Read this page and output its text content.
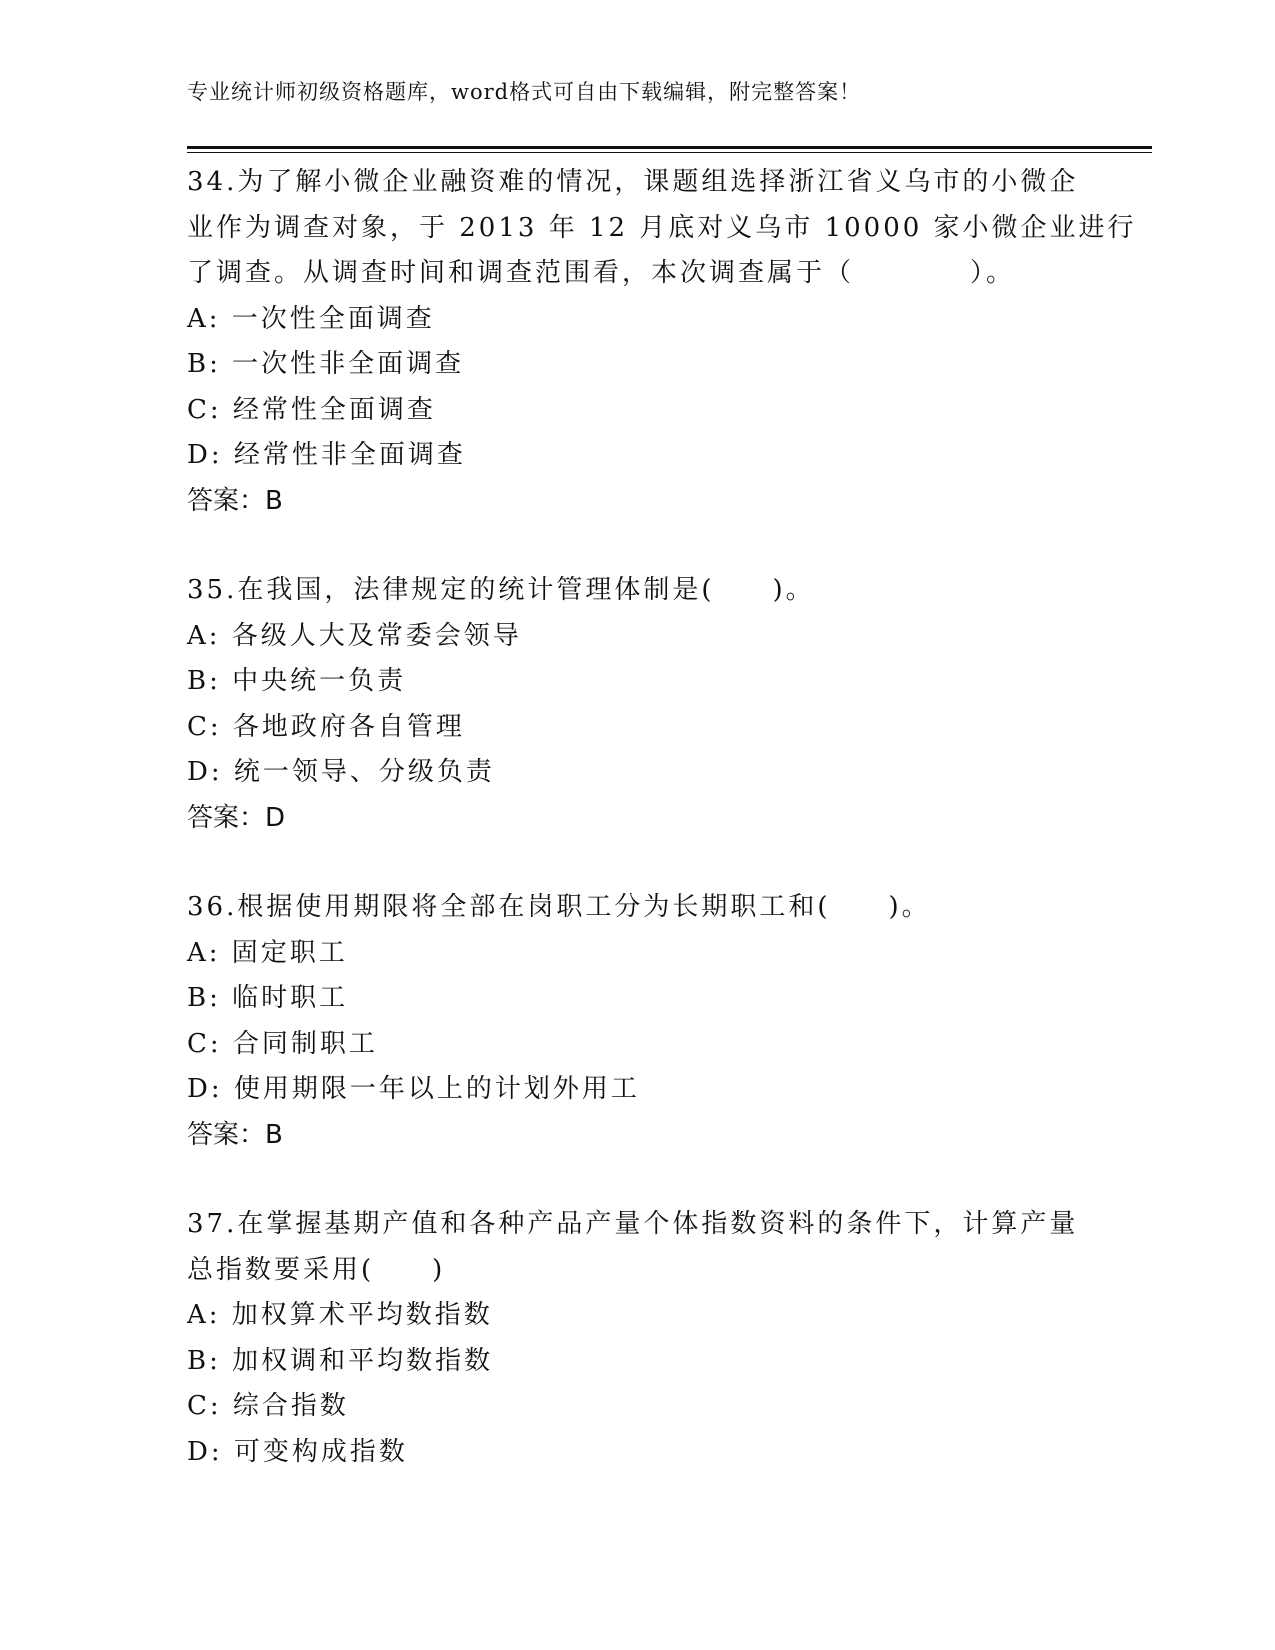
专业统计师初级资格题库，word格式可自由下载编辑，附完整答案！
34.为了解小微企业融资难的情况，课题组选择浙江省义乌市的小微企
业作为调查对象，于 2013 年 12 月底对义乌市 10000 家小微企业进行
了调查。从调查时间和调查范围看，本次调查属于（　　　　）。
A: 一次性全面调查
B: 一次性非全面调查
C: 经常性全面调查
D: 经常性非全面调查
答案：B
35.在我国，法律规定的统计管理体制是(　　)。
A: 各级人大及常委会领导
B: 中央统一负责
C: 各地政府各自管理
D: 统一领导、分级负责
答案：D
36.根据使用期限将全部在岗职工分为长期职工和(　　)。
A: 固定职工
B: 临时职工
C: 合同制职工
D: 使用期限一年以上的计划外用工
答案：B
37.在掌握基期产值和各种产品产量个体指数资料的条件下，计算产量
总指数要采用(　　)
A: 加权算术平均数指数
B: 加权调和平均数指数
C: 综合指数
D: 可变构成指数
